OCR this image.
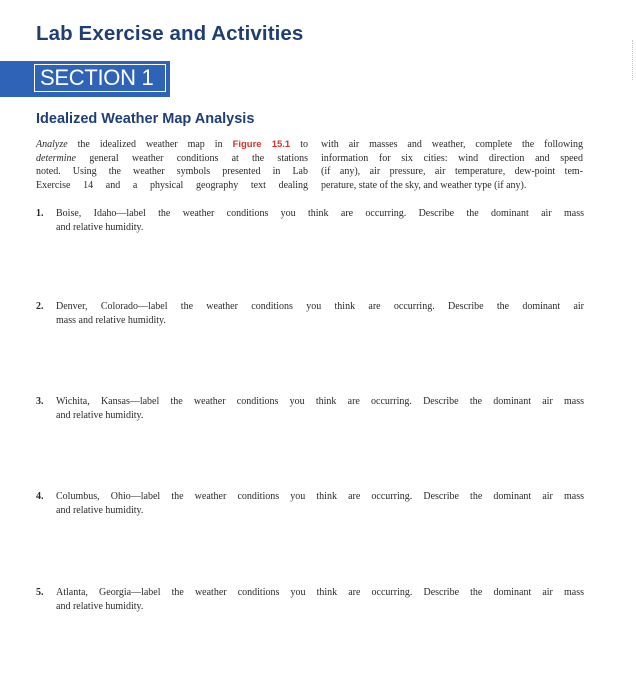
Lab Exercise and Activities
SECTION 1
Idealized Weather Map Analysis
Analyze the idealized weather map in Figure 15.1 to
determine general weather conditions at the stations
noted. Using the weather symbols presented in Lab
Exercise 14 and a physical geography text dealing
with air masses and weather, complete the following
information for six cities: wind direction and speed
(if any), air pressure, air temperature, dew-point tem-
perature, state of the sky, and weather type (if any).
1. Boise, Idaho—label the weather conditions you think are occurring. Describe the dominant air mass
and relative humidity.
2. Denver, Colorado—label the weather conditions you think are occurring. Describe the dominant air
mass and relative humidity.
3. Wichita, Kansas—label the weather conditions you think are occurring. Describe the dominant air mass
and relative humidity.
4. Columbus, Ohio—label the weather conditions you think are occurring. Describe the dominant air mass
and relative humidity.
5. Atlanta, Georgia—label the weather conditions you think are occurring. Describe the dominant air mass
and relative humidity.
